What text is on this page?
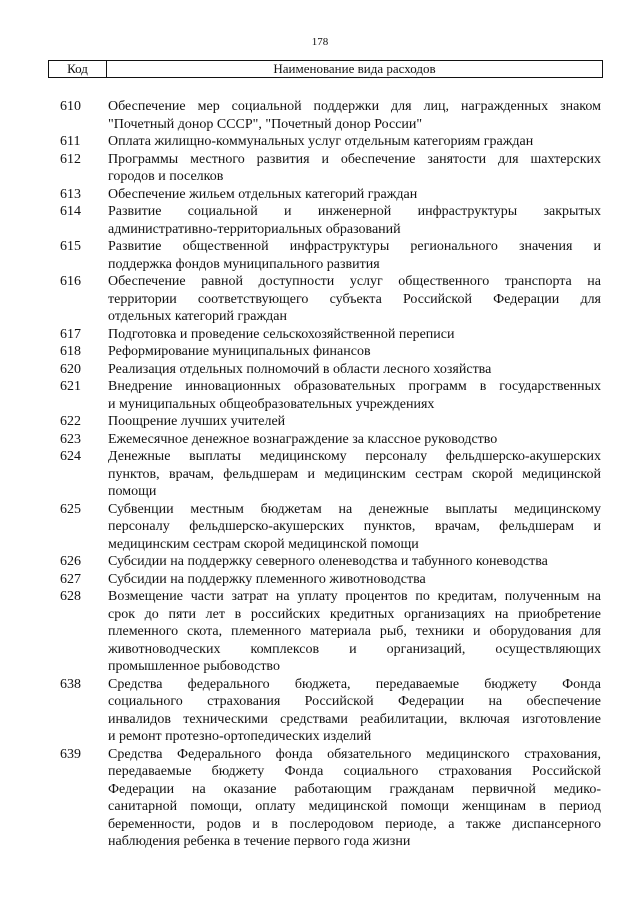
178
Код	Наименование вида расходов
610	Обеспечение мер социальной поддержки для лиц, награжденных знаком
"Почетный донор СССР", "Почетный донор России"
611	Оплата жилищно-коммунальных услуг отдельным категориям граждан
612	Программы местного развития и обеспечение занятости для шахтерских
городов и поселков
613	Обеспечение жильем отдельных категорий граждан
614	Развитие социальной и инженерной инфраструктуры закрытых
административно-территориальных образований
615	Развитие общественной инфраструктуры регионального значения и
поддержка фондов муниципального развития
616	Обеспечение равной доступности услуг общественного транспорта на
территории соответствующего субъекта Российской Федерации для
отдельных категорий граждан
617	Подготовка и проведение сельскохозяйственной переписи
618	Реформирование муниципальных финансов
620	Реализация отдельных полномочий в области лесного хозяйства
621	Внедрение инновационных образовательных программ в государственных
и муниципальных общеобразовательных учреждениях
622	Поощрение лучших учителей
623	Ежемесячное денежное вознаграждение за классное руководство
624	Денежные выплаты медицинскому персоналу фельдшерско-акушерских
пунктов, врачам, фельдшерам и медицинским сестрам скорой медицинской
помощи
625	Субвенции местным бюджетам на денежные выплаты медицинскому
персоналу фельдшерско-акушерских пунктов, врачам, фельдшерам и
медицинским сестрам скорой медицинской помощи
626	Субсидии на поддержку северного оленеводства и табунного коневодства
627	Субсидии на поддержку племенного животноводства
628	Возмещение части затрат на уплату процентов по кредитам, полученным на
срок до пяти лет в российских кредитных организациях на приобретение
племенного скота, племенного материала рыб, техники и оборудования для
животноводческих комплексов и организаций, осуществляющих
промышленное рыбоводство
638	Средства федерального бюджета, передаваемые бюджету Фонда
социального страхования Российской Федерации на обеспечение
инвалидов техническими средствами реабилитации, включая изготовление
и ремонт протезно-ортопедических изделий
639	Средства Федерального фонда обязательного медицинского страхования,
передаваемые бюджету Фонда социального страхования Российской
Федерации на оказание работающим гражданам первичной медико-
санитарной помощи, оплату медицинской помощи женщинам в период
беременности, родов и в послеродовом периоде, а также диспансерного
наблюдения ребенка в течение первого года жизни
